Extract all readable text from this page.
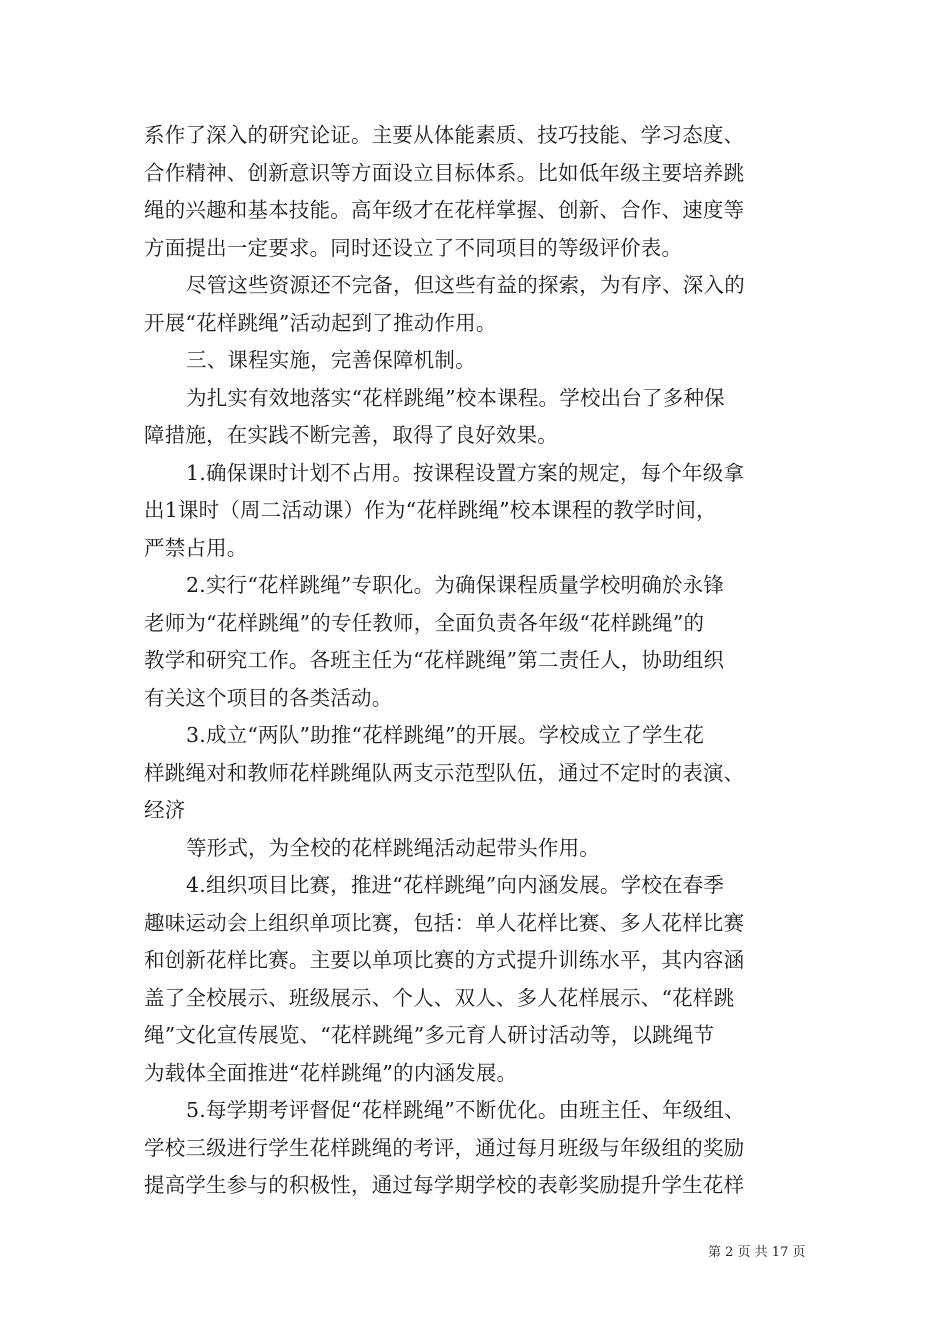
系作了深入的研究论证。主要从体能素质、技巧技能、学习态度、
合作精神、创新意识等方面设立目标体系。比如低年级主要培养跳
绳的兴趣和基本技能。高年级才在花样掌握、创新、合作、速度等
方面提出一定要求。同时还设立了不同项目的等级评价表。
尽管这些资源还不完备，但这些有益的探索，为有序、深入的
开展“花样跳绳”活动起到了推动作用。
三、课程实施，完善保障机制。
为扎实有效地落实“花样跳绳”校本课程。学校出台了多种保
障措施，在实践不断完善，取得了良好效果。
1.确保课时计划不占用。按课程设置方案的规定，每个年级拿
出1课时（周二活动课）作为“花样跳绳”校本课程的教学时间，
严禁占用。
2.实行“花样跳绳”专职化。为确保课程质量学校明确於永锋
老师为“花样跳绳”的专任教师，全面负责各年级“花样跳绳”的
教学和研究工作。各班主任为“花样跳绳”第二责任人，协助组织
有关这个项目的各类活动。
3.成立“两队”助推“花样跳绳”的开展。学校成立了学生花
样跳绳对和教师花样跳绳队两支示范型队伍，通过不定时的表演、
经济
等形式，为全校的花样跳绳活动起带头作用。
4.组织项目比赛，推进“花样跳绳”向内涵发展。学校在春季
趣味运动会上组织单项比赛，包括：单人花样比赛、多人花样比赛
和创新花样比赛。主要以单项比赛的方式提升训练水平，其内容涵
盖了全校展示、班级展示、个人、双人、多人花样展示、“花样跳
绳”文化宣传展览、“花样跳绳”多元育人研讨活动等，以跳绳节
为载体全面推进“花样跳绳”的内涵发展。
5.每学期考评督促“花样跳绳”不断优化。由班主任、年级组、
学校三级进行学生花样跳绳的考评，通过每月班级与年级组的奖励
提高学生参与的积极性，通过每学期学校的表彰奖励提升学生花样
第 2 页 共 17 页
